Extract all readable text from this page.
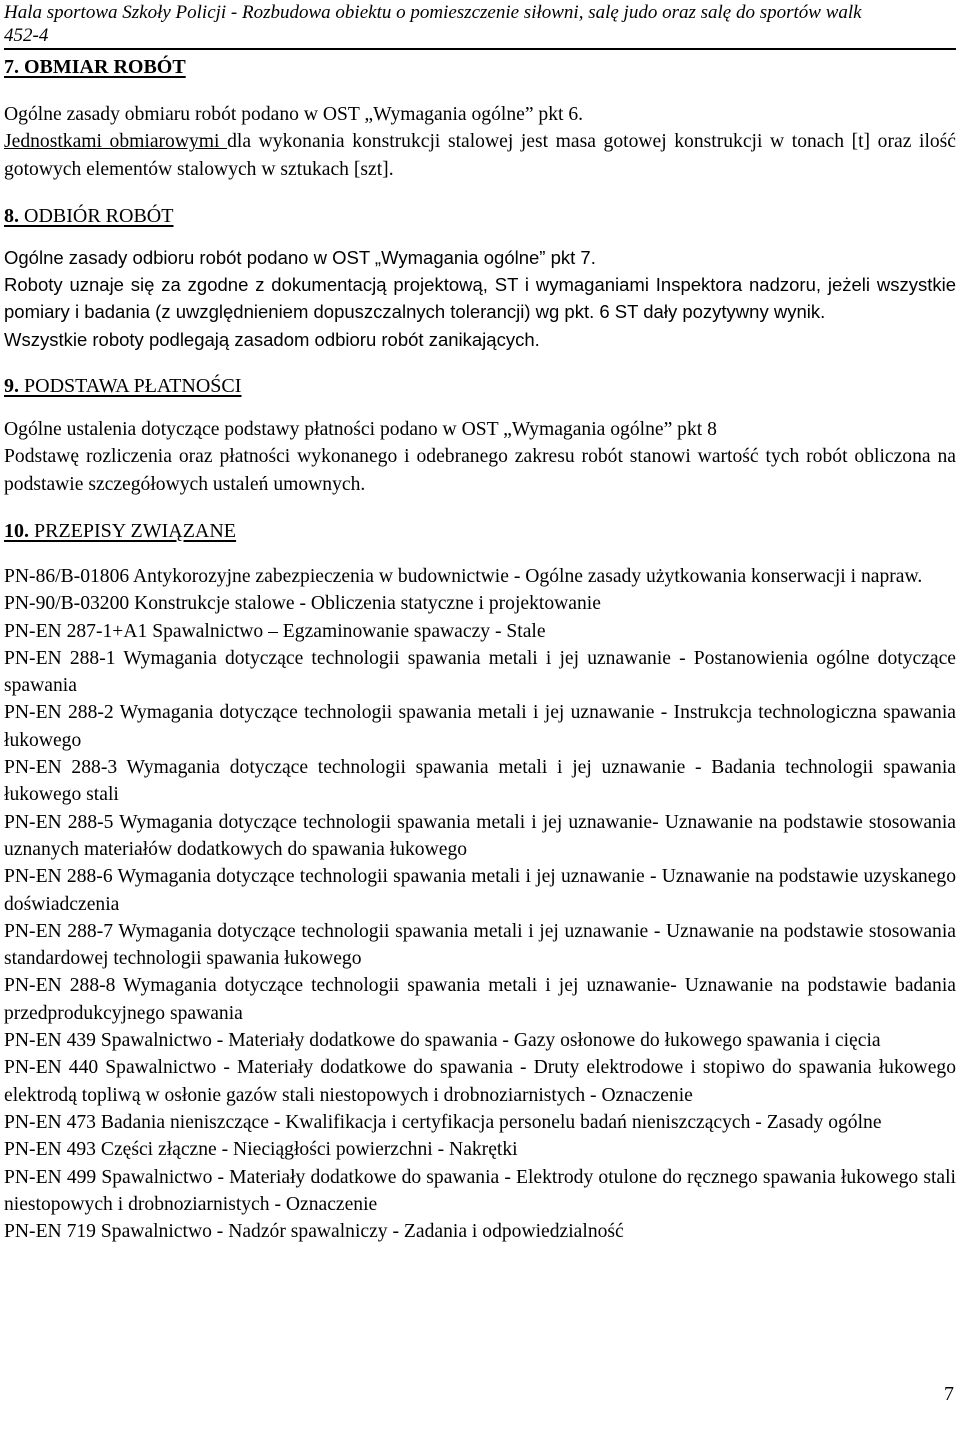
Hala sportowa Szkoły Policji - Rozbudowa obiektu o pomieszczenie siłowni, salę judo oraz salę do sportów walk

452-4

7. OBMIAR ROBÓT

Ogólne zasady obmiaru robót podano w OST „Wymagania ogólne” pkt 6.

Jednostkami obmiarowymi dla wykonania konstrukcji stalowej jest masa gotowej konstrukcji w tonach [t] oraz ilość gotowych elementów stalowych w sztukach [szt].

8. ODBIÓR ROBÓT

Ogólne zasady odbioru robót podano w OST „Wymagania ogólne” pkt 7.

Roboty uznaje się za zgodne z dokumentacją projektową, ST i wymaganiami Inspektora nadzoru, jeżeli wszystkie pomiary i badania (z uwzględnieniem dopuszczalnych tolerancji) wg pkt. 6 ST dały pozytywny wynik.

Wszystkie roboty podlegają zasadom odbioru robót zanikających.

9. PODSTAWA PŁATNOŚCI

Ogólne ustalenia dotyczące podstawy płatności podano w OST „Wymagania ogólne” pkt 8

Podstawę rozliczenia oraz płatności wykonanego i odebranego zakresu robót stanowi wartość tych robót obliczona na podstawie szczegółowych ustaleń umownych.

10. PRZEPISY ZWIĄZANE

PN-86/B-01806 Antykorozyjne zabezpieczenia w budownictwie - Ogólne zasady użytkowania konserwacji i napraw.

PN-90/B-03200 Konstrukcje stalowe - Obliczenia statyczne i projektowanie

PN-EN 287-1+A1 Spawalnictwo – Egzaminowanie spawaczy - Stale

PN-EN 288-1 Wymagania dotyczące technologii spawania metali i jej uznawanie - Postanowienia ogólne dotyczące spawania

PN-EN 288-2 Wymagania dotyczące technologii spawania metali i jej uznawanie - Instrukcja technologiczna spawania łukowego

PN-EN 288-3 Wymagania dotyczące technologii spawania metali i jej uznawanie - Badania technologii spawania łukowego stali

PN-EN 288-5 Wymagania dotyczące technologii spawania metali i jej uznawanie- Uznawanie na podstawie stosowania uznanych materiałów dodatkowych do spawania łukowego

PN-EN 288-6 Wymagania dotyczące technologii spawania metali i jej uznawanie - Uznawanie na podstawie uzyskanego doświadczenia

PN-EN 288-7 Wymagania dotyczące technologii spawania metali i jej uznawanie - Uznawanie na podstawie stosowania standardowej technologii spawania łukowego

PN-EN 288-8 Wymagania dotyczące technologii spawania metali i jej uznawanie- Uznawanie na podstawie badania przedprodukcyjnego spawania

PN-EN 439 Spawalnictwo - Materiały dodatkowe do spawania - Gazy osłonowe do łukowego spawania i cięcia

PN-EN 440 Spawalnictwo - Materiały dodatkowe do spawania - Druty elektrodowe i stopiwo do spawania łukowego elektrodą topliwą w osłonie gazów stali niestopowych i drobnoziarnistych - Oznaczenie

PN-EN 473 Badania nieniszczące - Kwalifikacja i certyfikacja personelu badań nieniszczących - Zasady ogólne

PN-EN 493 Części złączne - Nieciągłości powierzchni - Nakrętki

PN-EN 499 Spawalnictwo - Materiały dodatkowe do spawania - Elektrody otulone do ręcznego spawania łukowego stali niestopowych i drobnoziarnistych - Oznaczenie

PN-EN 719 Spawalnictwo - Nadzór spawalniczy - Zadania i odpowiedzialność

7
